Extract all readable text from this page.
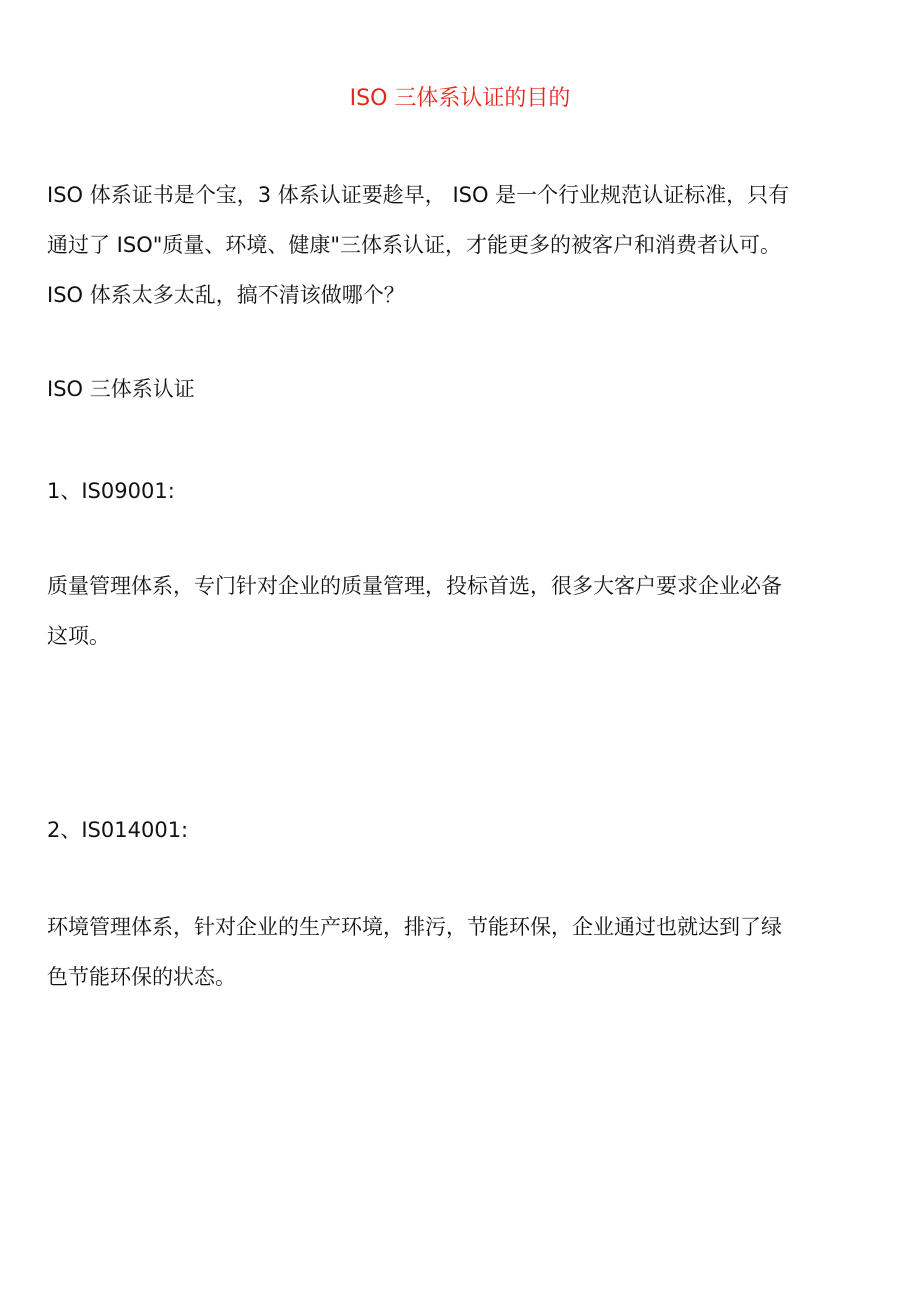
ISO 三体系认证的目的

ISO 体系证书是个宝，3 体系认证要趁早， ISO 是一个行业规范认证标准，只有
通过了 ISO"质量、环境、健康"三体系认证，才能更多的被客户和消费者认可。
ISO 体系太多太乱，搞不清该做哪个？

ISO 三体系认证

1、IS09001:

质量管理体系，专门针对企业的质量管理，投标首选，很多大客户要求企业必备
这项。

2、IS014001:

环境管理体系，针对企业的生产环境，排污，节能环保，企业通过也就达到了绿
色节能环保的状态。
